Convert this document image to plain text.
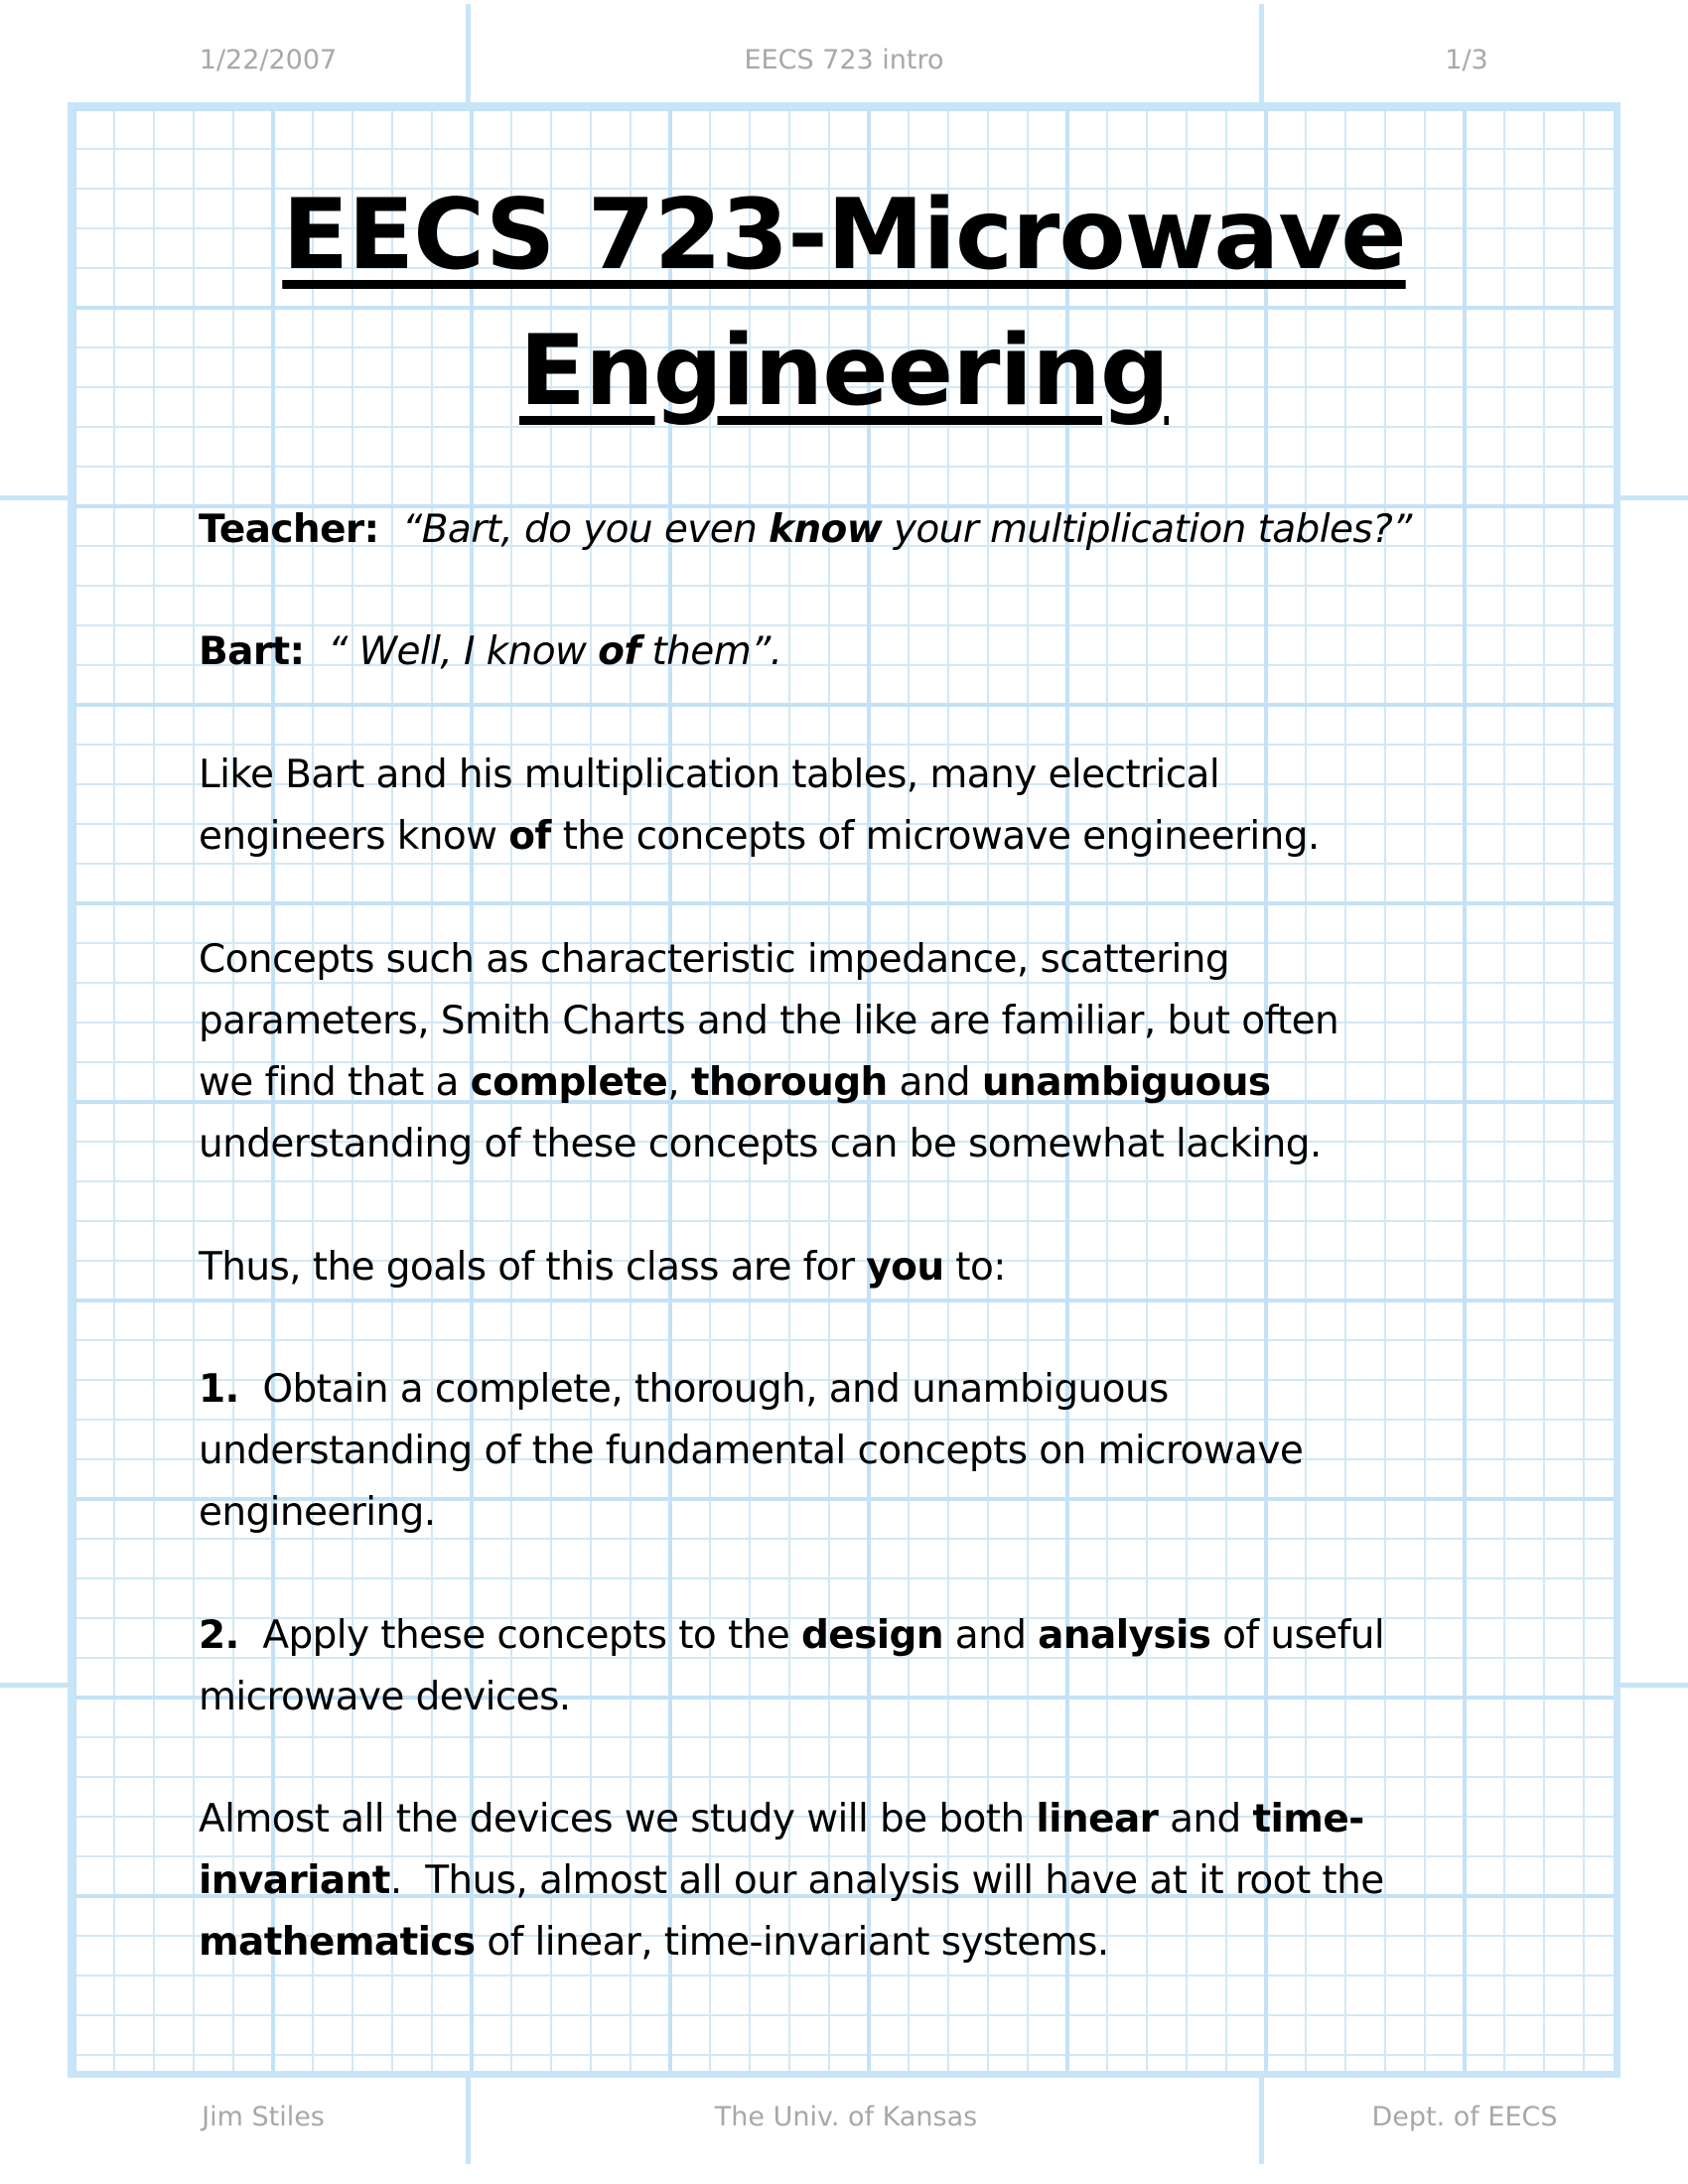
1/22/2007	EECS 723 intro	1/3
EECS 723-Microwave
Engineering
Teacher: “Bart, do you even know your multiplication tables?”
Bart: “ Well, I know of them”.
Like Bart and his multiplication tables, many electrical
engineers know of the concepts of microwave engineering.
Concepts such as characteristic impedance, scattering
parameters, Smith Charts and the like are familiar, but often
we find that a complete, thorough and unambiguous
understanding of these concepts can be somewhat lacking.
Thus, the goals of this class are for you to:
1. Obtain a complete, thorough, and unambiguous
understanding of the fundamental concepts on microwave
engineering.
2. Apply these concepts to the design and analysis of useful
microwave devices.
Almost all the devices we study will be both linear and time-
invariant.  Thus, almost all our analysis will have at it root the
mathematics of linear, time-invariant systems.
Jim Stiles	The Univ. of Kansas	Dept. of EECS
